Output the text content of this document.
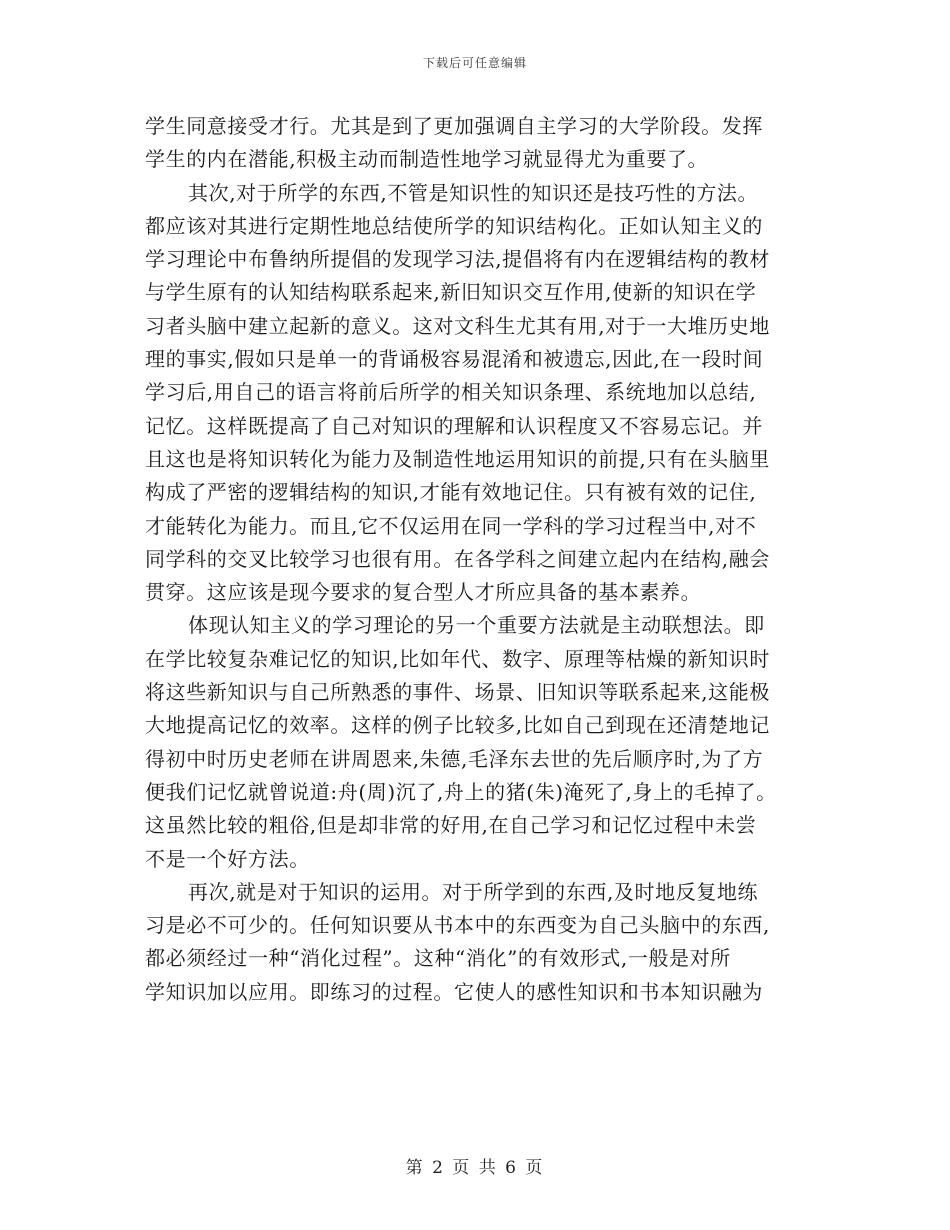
下载后可任意编辑
学生同意接受才行。尤其是到了更加强调自主学习的大学阶段。发挥
学生的内在潜能,积极主动而制造性地学习就显得尤为重要了。
其次,对于所学的东西,不管是知识性的知识还是技巧性的方法。
都应该对其进行定期性地总结使所学的知识结构化。正如认知主义的
学习理论中布鲁纳所提倡的发现学习法,提倡将有内在逻辑结构的教材
与学生原有的认知结构联系起来,新旧知识交互作用,使新的知识在学
习者头脑中建立起新的意义。这对文科生尤其有用,对于一大堆历史地
理的事实,假如只是单一的背诵极容易混淆和被遗忘,因此,在一段时间
学习后,用自己的语言将前后所学的相关知识条理、系统地加以总结,
记忆。这样既提高了自己对知识的理解和认识程度又不容易忘记。并
且这也是将知识转化为能力及制造性地运用知识的前提,只有在头脑里
构成了严密的逻辑结构的知识,才能有效地记住。只有被有效的记住,
才能转化为能力。而且,它不仅运用在同一学科的学习过程当中,对不
同学科的交叉比较学习也很有用。在各学科之间建立起内在结构,融会
贯穿。这应该是现今要求的复合型人才所应具备的基本素养。
体现认知主义的学习理论的另一个重要方法就是主动联想法。即
在学比较复杂难记忆的知识,比如年代、数字、原理等枯燥的新知识时
将这些新知识与自己所熟悉的事件、场景、旧知识等联系起来,这能极
大地提高记忆的效率。这样的例子比较多,比如自己到现在还清楚地记
得初中时历史老师在讲周恩来,朱德,毛泽东去世的先后顺序时,为了方
便我们记忆就曾说道:舟(周)沉了,舟上的猪(朱)淹死了,身上的毛掉了。
这虽然比较的粗俗,但是却非常的好用,在自己学习和记忆过程中未尝
不是一个好方法。
再次,就是对于知识的运用。对于所学到的东西,及时地反复地练
习是必不可少的。任何知识要从书本中的东西变为自己头脑中的东西,
都必须经过一种“消化过程”。这种“消化”的有效形式,一般是对所
学知识加以应用。即练习的过程。它使人的感性知识和书本知识融为
第 2 页 共 6 页
